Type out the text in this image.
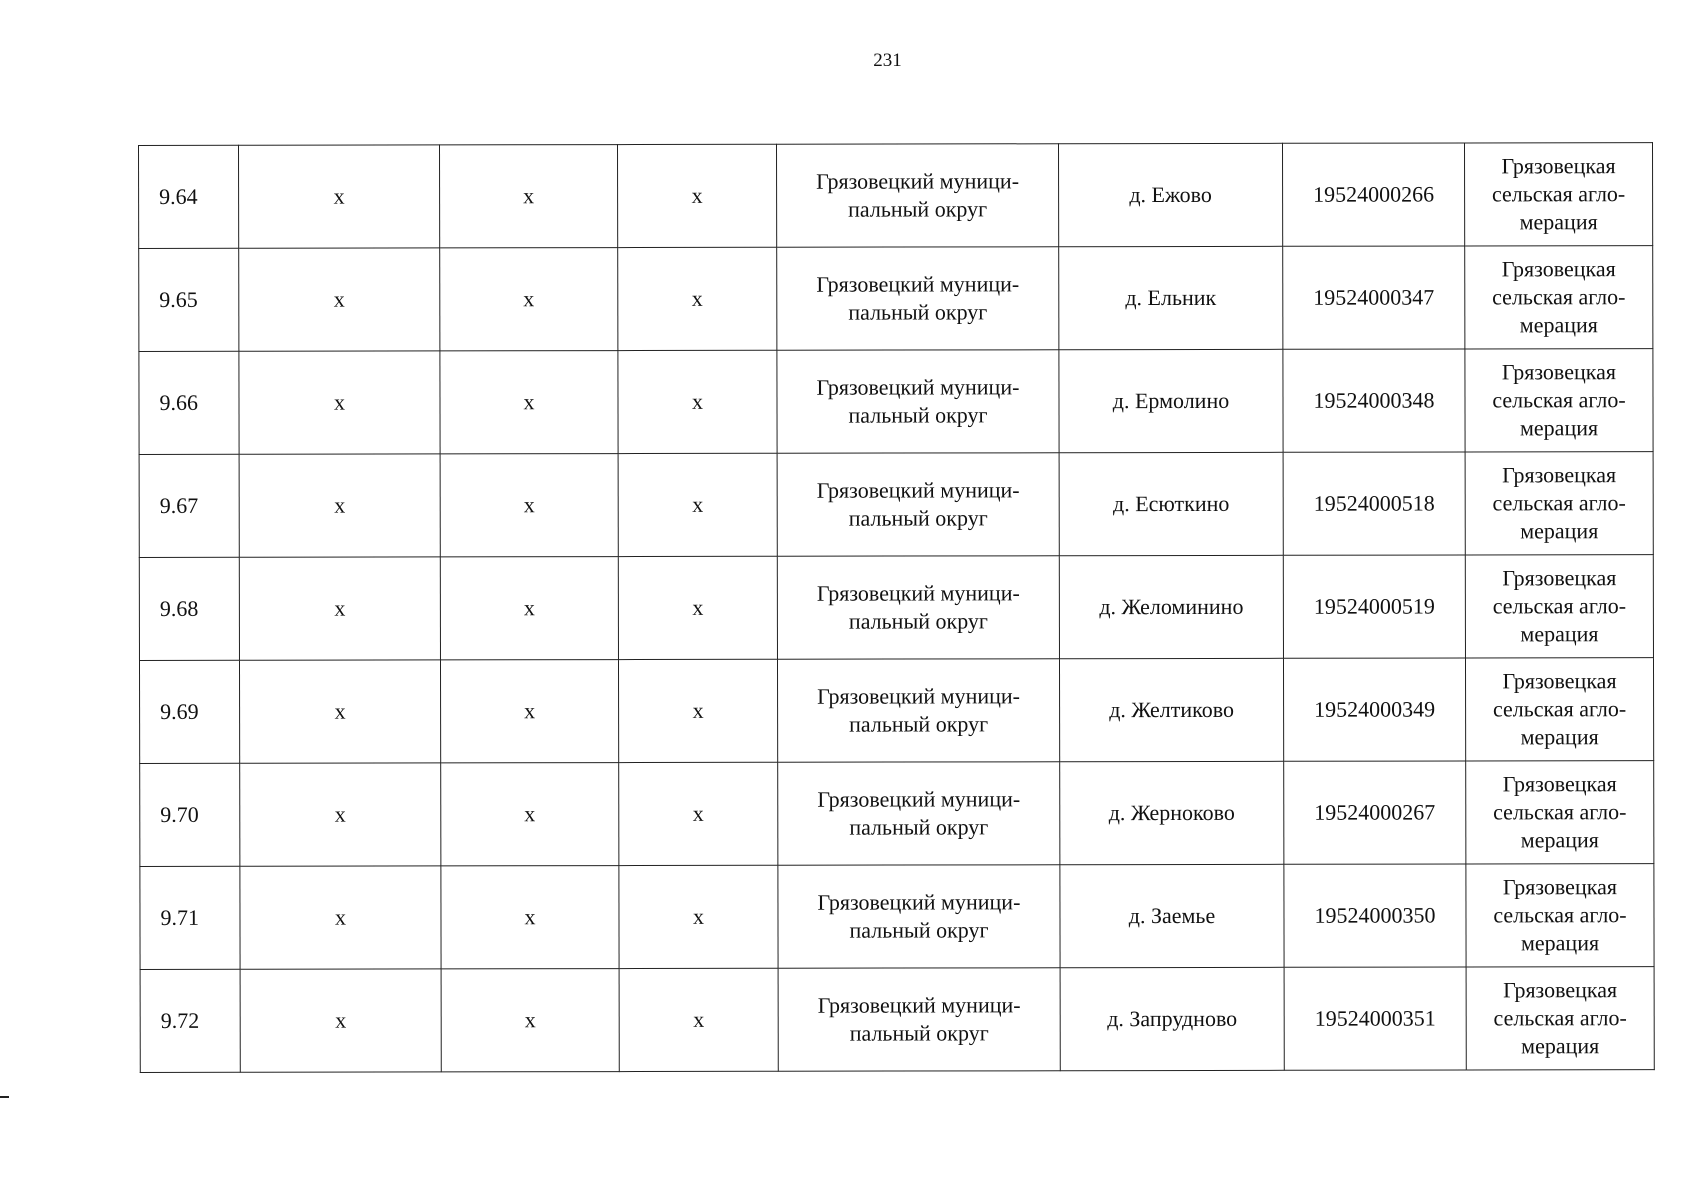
231
9.64	x	x	x	Грязовецкий муници-
пальный округ	д. Ежово	19524000266	Грязовецкая
сельская агло-
мерация
9.65	x	x	x	Грязовецкий муници-
пальный округ	д. Ельник	19524000347	Грязовецкая
сельская агло-
мерация
9.66	x	x	x	Грязовецкий муници-
пальный округ	д. Ермолино	19524000348	Грязовецкая
сельская агло-
мерация
9.67	x	x	x	Грязовецкий муници-
пальный округ	д. Есюткино	19524000518	Грязовецкая
сельская агло-
мерация
9.68	x	x	x	Грязовецкий муници-
пальный округ	д. Желоминино	19524000519	Грязовецкая
сельская агло-
мерация
9.69	x	x	x	Грязовецкий муници-
пальный округ	д. Желтиково	19524000349	Грязовецкая
сельская агло-
мерация
9.70	x	x	x	Грязовецкий муници-
пальный округ	д. Жерноково	19524000267	Грязовецкая
сельская агло-
мерация
9.71	x	x	x	Грязовецкий муници-
пальный округ	д. Заемье	19524000350	Грязовецкая
сельская агло-
мерация
9.72	x	x	x	Грязовецкий муници-
пальный округ	д. Запрудново	19524000351	Грязовецкая
сельская агло-
мерация
